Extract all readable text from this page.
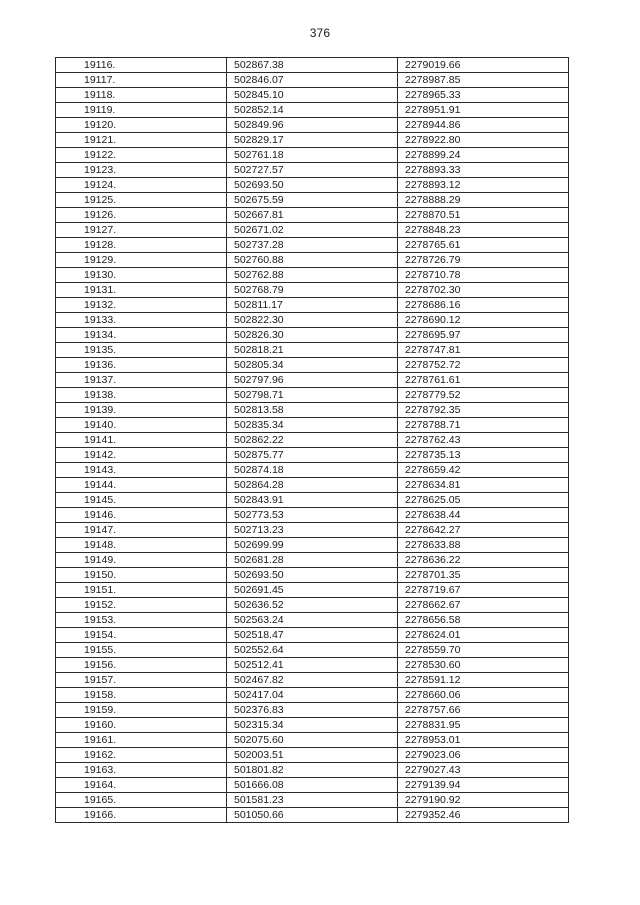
376
19116.	502867.38	2279019.66
19117.	502846.07	2278987.85
19118.	502845.10	2278965.33
19119.	502852.14	2278951.91
19120.	502849.96	2278944.86
19121.	502829.17	2278922.80
19122.	502761.18	2278899.24
19123.	502727.57	2278893.33
19124.	502693.50	2278893.12
19125.	502675.59	2278888.29
19126.	502667.81	2278870.51
19127.	502671.02	2278848.23
19128.	502737.28	2278765.61
19129.	502760.88	2278726.79
19130.	502762.88	2278710.78
19131.	502768.79	2278702.30
19132.	502811.17	2278686.16
19133.	502822.30	2278690.12
19134.	502826.30	2278695.97
19135.	502818.21	2278747.81
19136.	502805.34	2278752.72
19137.	502797.96	2278761.61
19138.	502798.71	2278779.52
19139.	502813.58	2278792.35
19140.	502835.34	2278788.71
19141.	502862.22	2278762.43
19142.	502875.77	2278735.13
19143.	502874.18	2278659.42
19144.	502864.28	2278634.81
19145.	502843.91	2278625.05
19146.	502773.53	2278638.44
19147.	502713.23	2278642.27
19148.	502699.99	2278633.88
19149.	502681.28	2278636.22
19150.	502693.50	2278701.35
19151.	502691.45	2278719.67
19152.	502636.52	2278662.67
19153.	502563.24	2278656.58
19154.	502518.47	2278624.01
19155.	502552.64	2278559.70
19156.	502512.41	2278530.60
19157.	502467.82	2278591.12
19158.	502417.04	2278660.06
19159.	502376.83	2278757.66
19160.	502315.34	2278831.95
19161.	502075.60	2278953.01
19162.	502003.51	2279023.06
19163.	501801.82	2279027.43
19164.	501666.08	2279139.94
19165.	501581.23	2279190.92
19166.	501050.66	2279352.46
